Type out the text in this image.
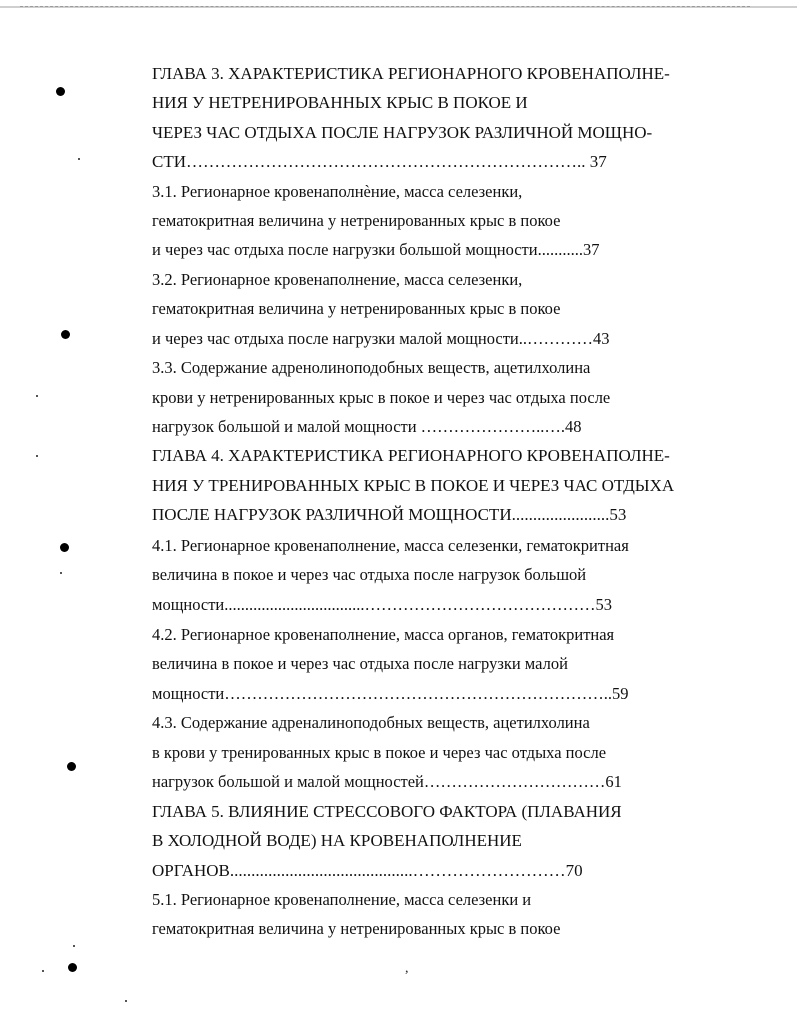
,
ГЛАВА 3. ХАРАКТЕРИСТИКА РЕГИОНАРНОГО КРОВЕНАПОЛНЕ-
НИЯ У НЕТРЕНИРОВАННЫХ КРЫС В ПОКОЕ И
ЧЕРЕЗ ЧАС ОТДЫХА ПОСЛЕ НАГРУЗОК РАЗЛИЧНОЙ МОЩНО-
СТИ…………………………………………………………….. 37
3.1. Регионарное кровенаполнѐние, масса селезенки,
гематокритная величина у нетренированных крыс в покое
и через час отдыха после нагрузки большой мощности...........37
3.2. Регионарное кровенаполнение, масса селезенки,
гематокритная величина у нетренированных крыс в покое
и через час отдыха после нагрузки малой мощности..…………43
3.3. Содержание адренолиноподобных веществ, ацетилхолина
крови у нетренированных крыс в покое и через час отдыха после
нагрузок большой и малой мощности …………………..….48
ГЛАВА 4. ХАРАКТЕРИСТИКА РЕГИОНАРНОГО КРОВЕНАПОЛНЕ-
НИЯ У ТРЕНИРОВАННЫХ КРЫС В ПОКОЕ И ЧЕРЕЗ ЧАС ОТДЫХА
ПОСЛЕ НАГРУЗОК РАЗЛИЧНОЙ МОЩНОСТИ.......................53
4.1. Регионарное кровенаполнение, масса селезенки, гематокритная
величина в покое и через час отдыха после нагрузок большой
мощности..................................……………………………………53
4.2. Регионарное кровенаполнение, масса органов, гематокритная
величина в покое и через час отдыха после нагрузки малой
мощности……………………………………………………………..59
4.3. Содержание адреналиноподобных веществ, ацетилхолина
в крови у тренированных крыс в покое и через час отдыха после
нагрузок большой и малой мощностей……………………………61
ГЛАВА 5. ВЛИЯНИЕ СТРЕССОВОГО ФАКТОРА (ПЛАВАНИЯ
В ХОЛОДНОЙ ВОДЕ) НА КРОВЕНАПОЛНЕНИЕ
ОРГАНОВ...........................................………………………70
5.1. Регионарное кровенаполнение, масса селезенки и
гематокритная величина у нетренированных крыс в покое
